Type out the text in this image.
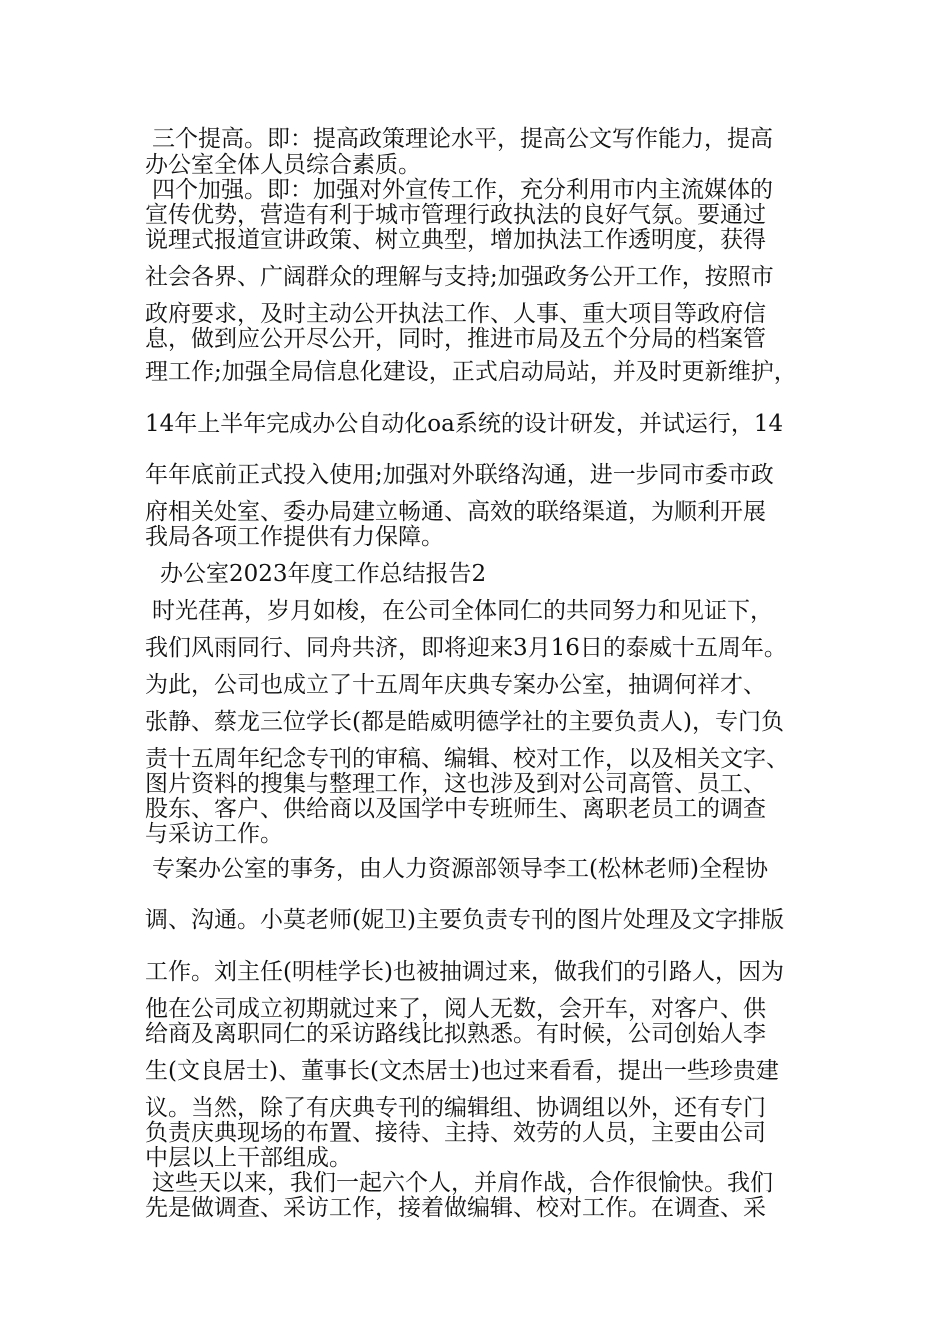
三个提高。即：提高政策理论水平，提高公文写作能力，提高

办公室全体人员综合素质。

四个加强。即：加强对外宣传工作，充分利用市内主流媒体的

宣传优势，营造有利于城市管理行政执法的良好气氛。要通过

说理式报道宣讲政策、树立典型，增加执法工作透明度，获得

社会各界、广阔群众的理解与支持;加强政务公开工作，按照市

政府要求，及时主动公开执法工作、人事、重大项目等政府信

息，做到应公开尽公开，同时，推进市局及五个分局的档案管

理工作;加强全局信息化建设，正式启动局站，并及时更新维护，

14年上半年完成办公自动化oa系统的设计研发，并试运行，14

年年底前正式投入使用;加强对外联络沟通，进一步同市委市政

府相关处室、委办局建立畅通、高效的联络渠道，为顺利开展

我局各项工作提供有力保障。

办公室2023年度工作总结报告2

时光荏苒，岁月如梭，在公司全体同仁的共同努力和见证下，

我们风雨同行、同舟共济，即将迎来3月16日的泰威十五周年。

为此，公司也成立了十五周年庆典专案办公室，抽调何祥才、

张静、蔡龙三位学长(都是皓威明德学社的主要负责人)，专门负

责十五周年纪念专刊的审稿、编辑、校对工作，以及相关文字、

图片资料的搜集与整理工作，这也涉及到对公司高管、员工、

股东、客户、供给商以及国学中专班师生、离职老员工的调查

与采访工作。

专案办公室的事务，由人力资源部领导李工(松林老师)全程协

调、沟通。小莫老师(妮卫)主要负责专刊的图片处理及文字排版

工作。刘主任(明桂学长)也被抽调过来，做我们的引路人，因为

他在公司成立初期就过来了，阅人无数，会开车，对客户、供

给商及离职同仁的采访路线比拟熟悉。有时候，公司创始人李

生(文良居士)、董事长(文杰居士)也过来看看，提出一些珍贵建

议。当然，除了有庆典专刊的编辑组、协调组以外，还有专门

负责庆典现场的布置、接待、主持、效劳的人员，主要由公司

中层以上干部组成。

这些天以来，我们一起六个人，并肩作战，合作很愉快。我们

先是做调查、采访工作，接着做编辑、校对工作。在调查、采
